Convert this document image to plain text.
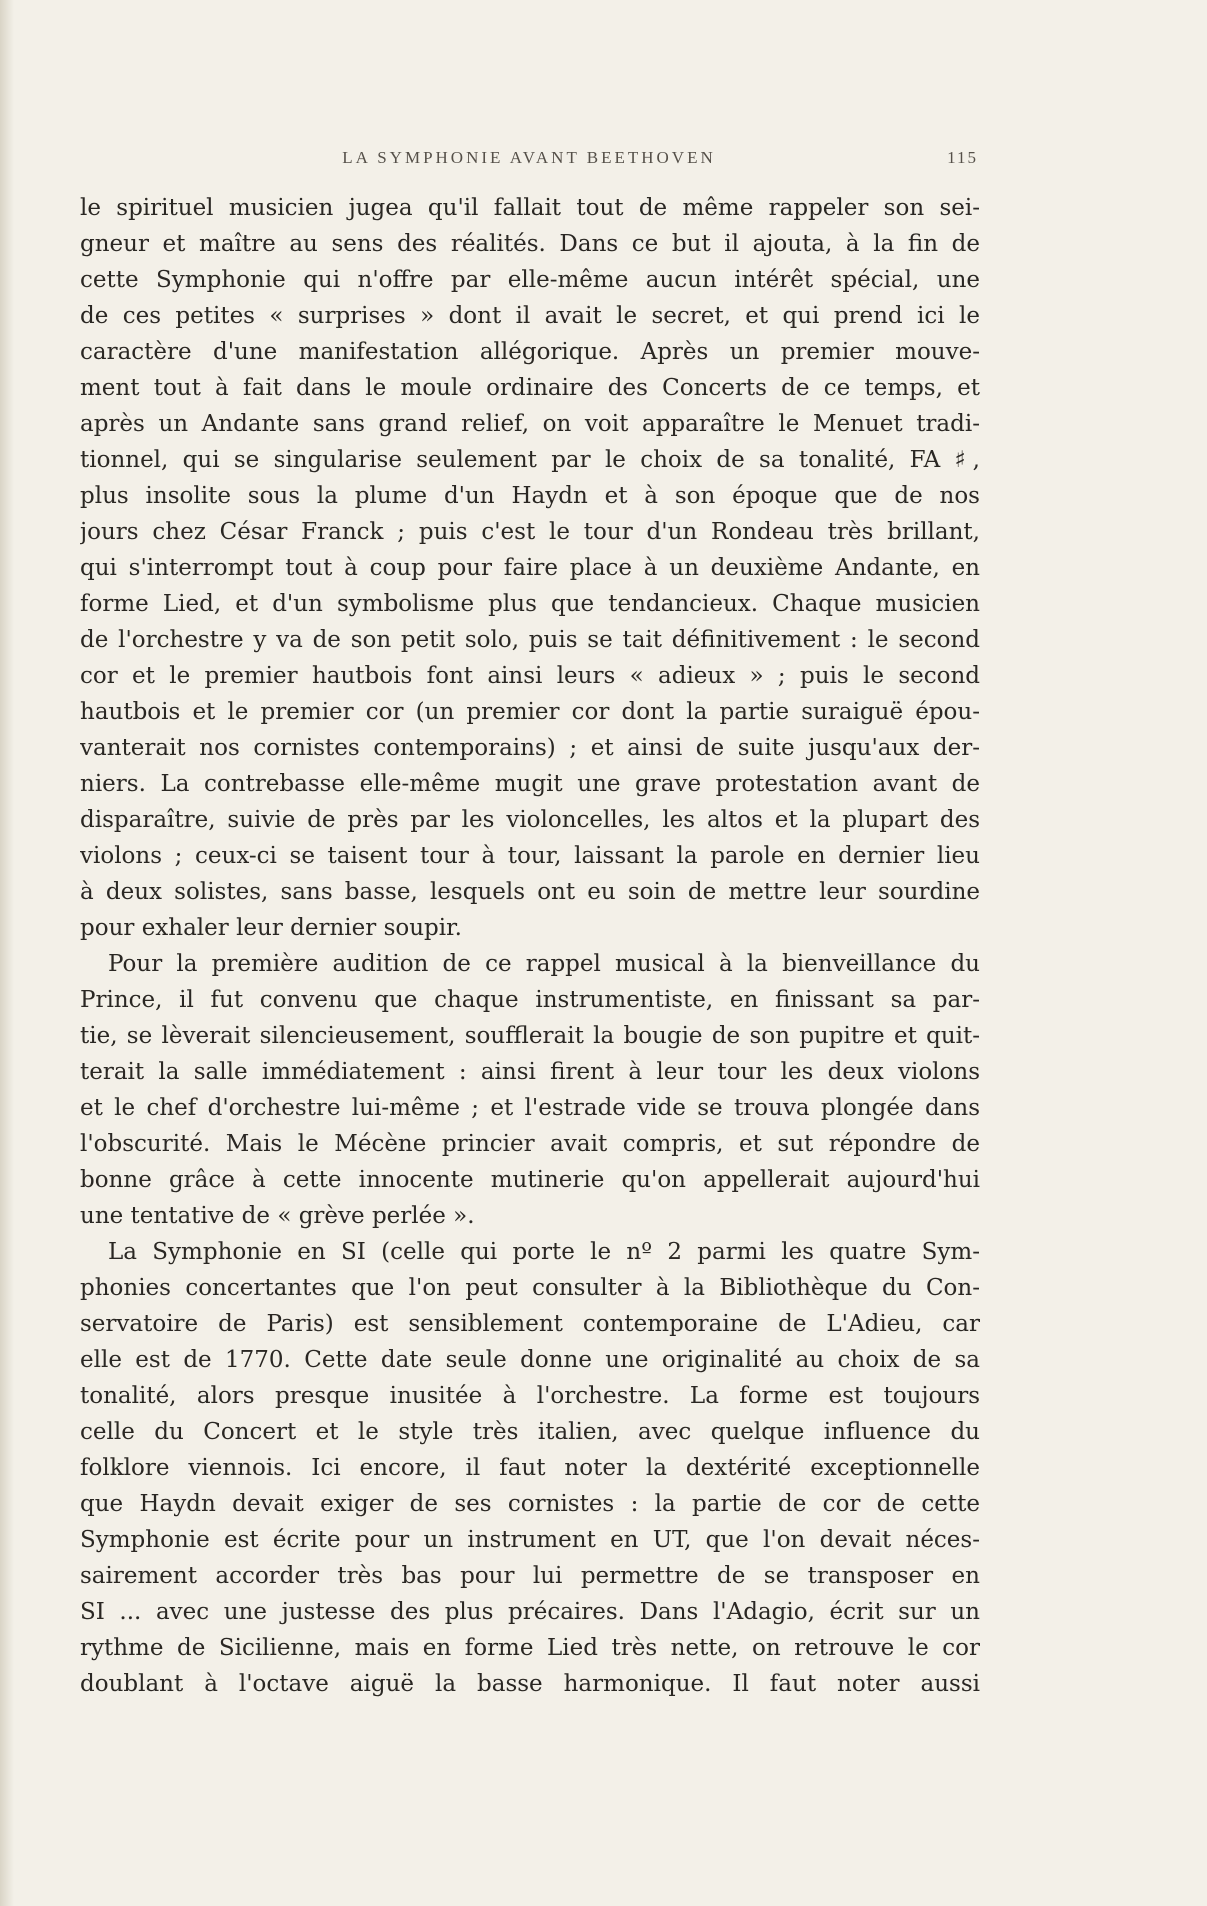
LA SYMPHONIE AVANT BEETHOVEN	115
le spirituel musicien jugea qu'il fallait tout de même rappeler son sei-
gneur et maître au sens des réalités. Dans ce but il ajouta, à la fin de
cette Symphonie qui n'offre par elle-même aucun intérêt spécial, une
de ces petites « surprises » dont il avait le secret, et qui prend ici le
caractère d'une manifestation allégorique. Après un premier mouve-
ment tout à fait dans le moule ordinaire des Concerts de ce temps, et
après un Andante sans grand relief, on voit apparaître le Menuet tradi-
tionnel, qui se singularise seulement par le choix de sa tonalité, FA ♯,
plus insolite sous la plume d'un Haydn et à son époque que de nos
jours chez César Franck ; puis c'est le tour d'un Rondeau très brillant,
qui s'interrompt tout à coup pour faire place à un deuxième Andante, en
forme Lied, et d'un symbolisme plus que tendancieux. Chaque musicien
de l'orchestre y va de son petit solo, puis se tait définitivement : le second
cor et le premier hautbois font ainsi leurs « adieux » ; puis le second
hautbois et le premier cor (un premier cor dont la partie suraiguë épou-
vanterait nos cornistes contemporains) ; et ainsi de suite jusqu'aux der-
niers. La contrebasse elle-même mugit une grave protestation avant de
disparaître, suivie de près par les violoncelles, les altos et la plupart des
violons ; ceux-ci se taisent tour à tour, laissant la parole en dernier lieu
à deux solistes, sans basse, lesquels ont eu soin de mettre leur sourdine
pour exhaler leur dernier soupir.
Pour la première audition de ce rappel musical à la bienveillance du
Prince, il fut convenu que chaque instrumentiste, en finissant sa par-
tie, se lèverait silencieusement, soufflerait la bougie de son pupitre et quit-
terait la salle immédiatement : ainsi firent à leur tour les deux violons
et le chef d'orchestre lui-même ; et l'estrade vide se trouva plongée dans
l'obscurité. Mais le Mécène princier avait compris, et sut répondre de
bonne grâce à cette innocente mutinerie qu'on appellerait aujourd'hui
une tentative de « grève perlée ».
La Symphonie en SI (celle qui porte le nº 2 parmi les quatre Sym-
phonies concertantes que l'on peut consulter à la Bibliothèque du Con-
servatoire de Paris) est sensiblement contemporaine de L'Adieu, car
elle est de 1770. Cette date seule donne une originalité au choix de sa
tonalité, alors presque inusitée à l'orchestre. La forme est toujours
celle du Concert et le style très italien, avec quelque influence du
folklore viennois. Ici encore, il faut noter la dextérité exceptionnelle
que Haydn devait exiger de ses cornistes : la partie de cor de cette
Symphonie est écrite pour un instrument en UT, que l'on devait néces-
sairement accorder très bas pour lui permettre de se transposer en
SI ... avec une justesse des plus précaires. Dans l'Adagio, écrit sur un
rythme de Sicilienne, mais en forme Lied très nette, on retrouve le cor
doublant à l'octave aiguë la basse harmonique. Il faut noter aussi
